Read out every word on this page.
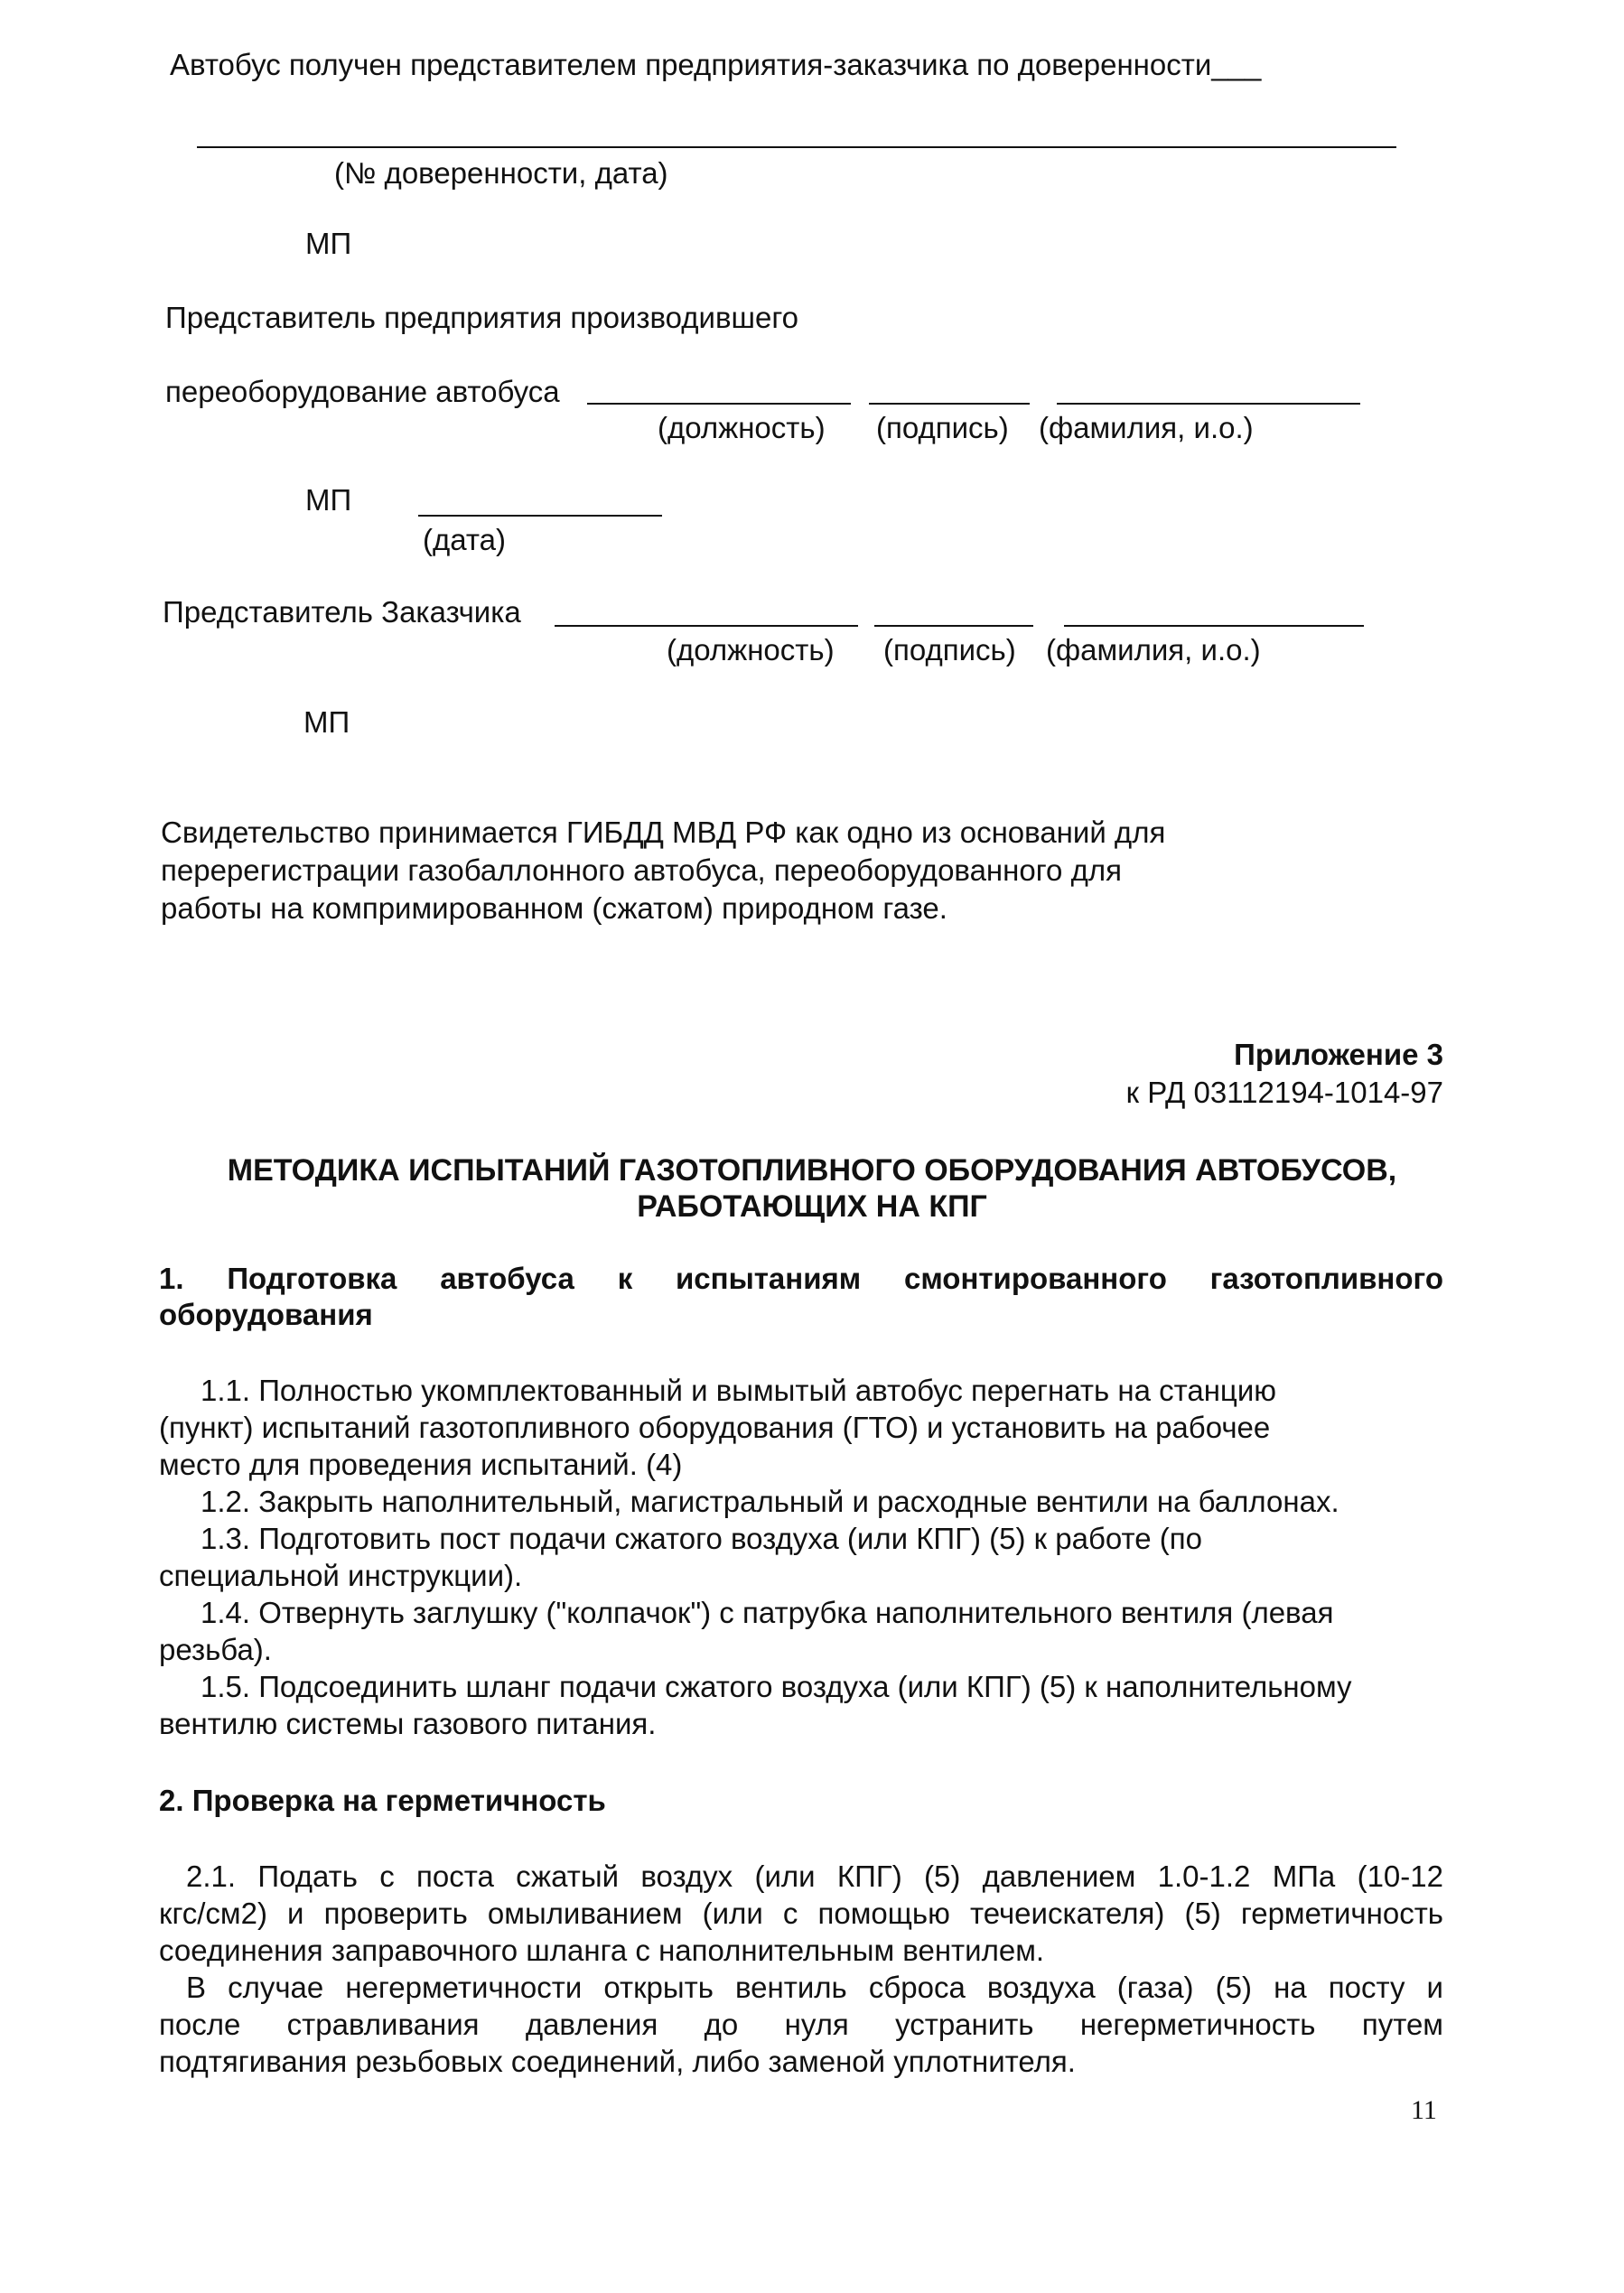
Автобус получен представителем предприятия-заказчика по доверенности___
(№ доверенности, дата)
МП
Представитель предприятия производившего
переоборудование автобуса
(должность) (подпись) (фамилия, и.о.)
МП
(дата)
Представитель Заказчика
(должность) (подпись) (фамилия, и.о.)
МП
Свидетельство принимается ГИБДД МВД РФ как одно из оснований для
перерегистрации газобаллонного автобуса, переоборудованного для
работы на компримированном (сжатом) природном газе.
Приложение 3
к РД 03112194-1014-97
МЕТОДИКА ИСПЫТАНИЙ ГАЗОТОПЛИВНОГО ОБОРУДОВАНИЯ АВТОБУСОВ,
РАБОТАЮЩИХ НА КПГ
1. Подготовка автобуса к испытаниям смонтированного газотопливного
оборудования
1.1. Полностью укомплектованный и вымытый автобус перегнать на станцию
(пункт) испытаний газотопливного оборудования (ГТО) и установить на рабочее
место для проведения испытаний. (4)
1.2. Закрыть наполнительный, магистральный и расходные вентили на баллонах.
1.3. Подготовить пост подачи сжатого воздуха (или КПГ) (5) к работе (по
специальной инструкции).
1.4. Отвернуть заглушку ("колпачок") с патрубка наполнительного вентиля (левая
резьба).
1.5. Подсоединить шланг подачи сжатого воздуха (или КПГ) (5) к наполнительному
вентилю системы газового питания.
2. Проверка на герметичность
2.1. Подать с поста сжатый воздух (или КПГ) (5) давлением 1.0-1.2 МПа (10-12
кгс/см2) и проверить омыливанием (или с помощью течеискателя) (5) герметичность
соединения заправочного шланга с наполнительным вентилем.
В случае негерметичности открыть вентиль сброса воздуха (газа) (5) на посту и
после стравливания давления до нуля устранить негерметичность путем
подтягивания резьбовых соединений, либо заменой уплотнителя.
11
